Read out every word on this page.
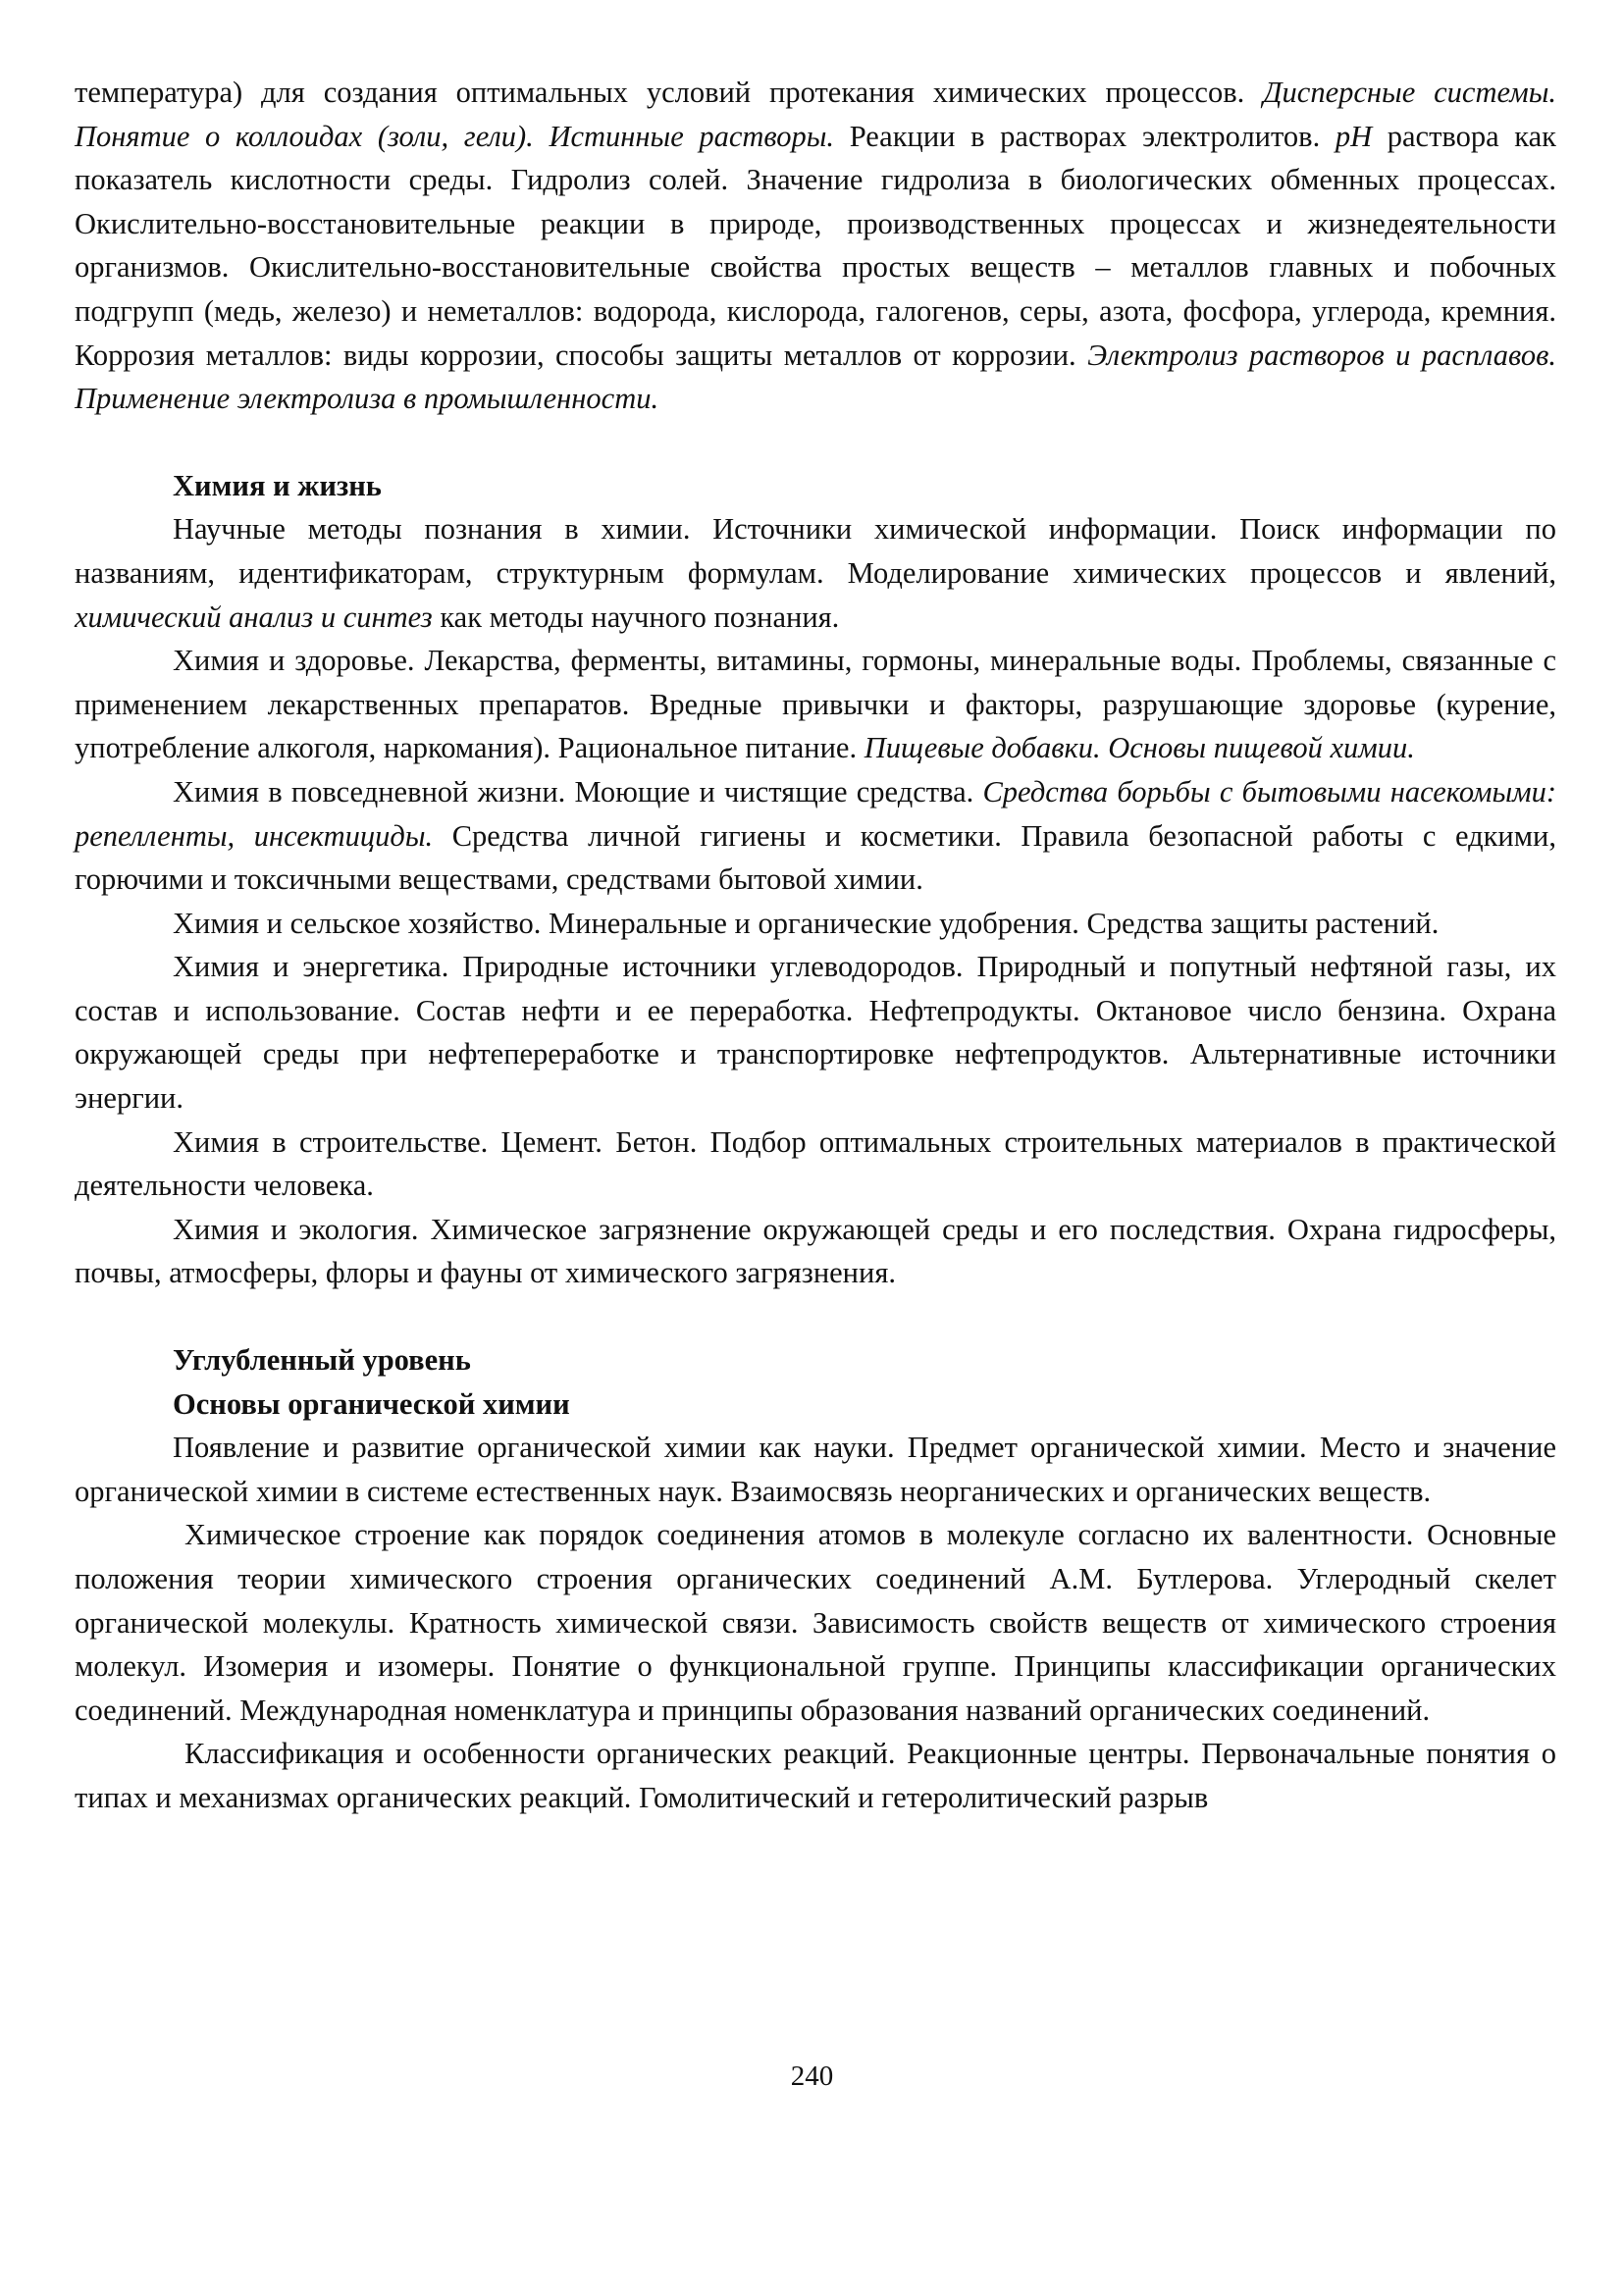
температура) для создания оптимальных условий протекания химических процессов. Дисперсные системы. Понятие о коллоидах (золи, гели). Истинные растворы. Реакции в растворах электролитов. pH раствора как показатель кислотности среды. Гидролиз солей. Значение гидролиза в биологических обменных процессах. Окислительно-восстановительные реакции в природе, производственных процессах и жизнедеятельности организмов. Окислительно-восстановительные свойства простых веществ – металлов главных и побочных подгрупп (медь, железо) и неметаллов: водорода, кислорода, галогенов, серы, азота, фосфора, углерода, кремния. Коррозия металлов: виды коррозии, способы защиты металлов от коррозии. Электролиз растворов и расплавов. Применение электролиза в промышленности.

Химия и жизнь

Научные методы познания в химии. Источники химической информации. Поиск информации по названиям, идентификаторам, структурным формулам. Моделирование химических процессов и явлений, химический анализ и синтез как методы научного познания.

Химия и здоровье. Лекарства, ферменты, витамины, гормоны, минеральные воды. Проблемы, связанные с применением лекарственных препаратов. Вредные привычки и факторы, разрушающие здоровье (курение, употребление алкоголя, наркомания). Рациональное питание. Пищевые добавки. Основы пищевой химии.

Химия в повседневной жизни. Моющие и чистящие средства. Средства борьбы с бытовыми насекомыми: репелленты, инсектициды. Средства личной гигиены и косметики. Правила безопасной работы с едкими, горючими и токсичными веществами, средствами бытовой химии.

Химия и сельское хозяйство. Минеральные и органические удобрения. Средства защиты растений.

Химия и энергетика. Природные источники углеводородов. Природный и попутный нефтяной газы, их состав и использование. Состав нефти и ее переработка. Нефтепродукты. Октановое число бензина. Охрана окружающей среды при нефтепереработке и транспортировке нефтепродуктов. Альтернативные источники энергии.

Химия в строительстве. Цемент. Бетон. Подбор оптимальных строительных материалов в практической деятельности человека.

Химия и экология. Химическое загрязнение окружающей среды и его последствия. Охрана гидросферы, почвы, атмосферы, флоры и фауны от химического загрязнения.

Углубленный уровень
Основы органической химии

Появление и развитие органической химии как науки. Предмет органической химии. Место и значение органической химии в системе естественных наук. Взаимосвязь неорганических и органических веществ.

Химическое строение как порядок соединения атомов в молекуле согласно их валентности. Основные положения теории химического строения органических соединений А.М. Бутлерова. Углеродный скелет органической молекулы. Кратность химической связи. Зависимость свойств веществ от химического строения молекул. Изомерия и изомеры. Понятие о функциональной группе. Принципы классификации органических соединений. Международная номенклатура и принципы образования названий органических соединений.

Классификация и особенности органических реакций. Реакционные центры. Первоначальные понятия о типах и механизмах органических реакций. Гомолитический и гетеролитический разрыв

240
